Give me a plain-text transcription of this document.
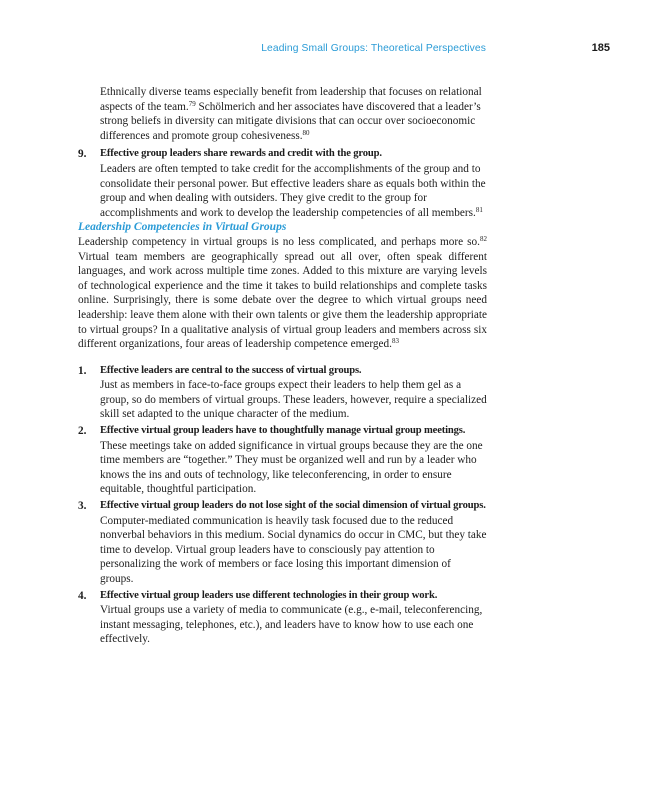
Leading Small Groups: Theoretical Perspectives	185

Ethnically diverse teams especially benefit from leadership that focuses on relational aspects of the team.$^{79}$ Schölmerich and her associates have discovered that a leader’s strong beliefs in diversity can mitigate divisions that can occur over socioeconomic differences and promote group cohesiveness.$^{80}$

9. Effective group leaders share rewards and credit with the group.

Leaders are often tempted to take credit for the accomplishments of the group and to consolidate their personal power. But effective leaders share as equals both within the group and when dealing with outsiders. They give credit to the group for accomplishments and work to develop the leadership competencies of all members.$^{81}$

Leadership Competencies in Virtual Groups

Leadership competency in virtual groups is no less complicated, and perhaps more so.$^{82}$ Virtual team members are geographically spread out all over, often speak different languages, and work across multiple time zones. Added to this mixture are varying levels of technological experience and the time it takes to build relationships and complete tasks online. Surprisingly, there is some debate over the degree to which virtual groups need leadership: leave them alone with their own talents or give them the leadership appropriate to virtual groups? In a qualitative analysis of virtual group leaders and members across six different organizations, four areas of leadership competence emerged.$^{83}$

1. Effective leaders are central to the success of virtual groups.

Just as members in face-to-face groups expect their leaders to help them gel as a group, so do members of virtual groups. These leaders, however, require a specialized skill set adapted to the unique character of the medium.

2. Effective virtual group leaders have to thoughtfully manage virtual group meetings.

These meetings take on added significance in virtual groups because they are the one time members are “together.” They must be organized well and run by a leader who knows the ins and outs of technology, like teleconferencing, in order to ensure equitable, thoughtful participation.

3. Effective virtual group leaders do not lose sight of the social dimension of virtual groups.

Computer-mediated communication is heavily task focused due to the reduced nonverbal behaviors in this medium. Social dynamics do occur in CMC, but they take time to develop. Virtual group leaders have to consciously pay attention to personalizing the work of members or face losing this important dimension of groups.

4. Effective virtual group leaders use different technologies in their group work.

Virtual groups use a variety of media to communicate (e.g., e-mail, teleconferencing, instant messaging, telephones, etc.), and leaders have to know how to use each one effectively.
